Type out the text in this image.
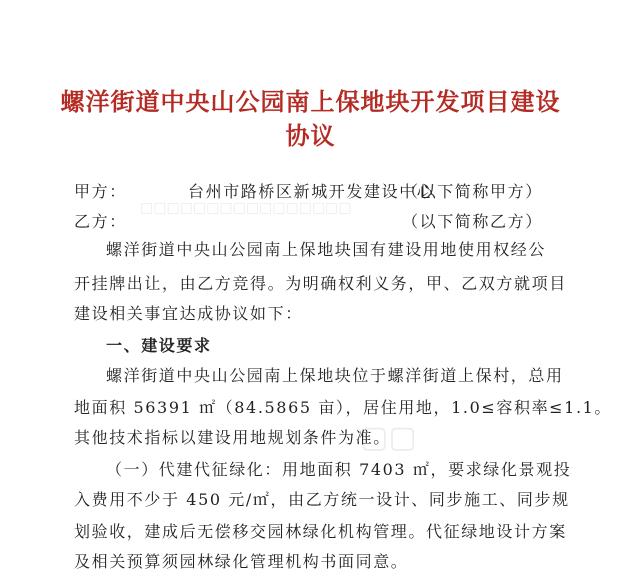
□□□□□□□□□□□□□□□□
▢▢
螺洋街道中央山公园南上保地块开发项目建设
协议
甲方：	台州市路桥区新城开发建设中心
（以下简称甲方）
乙方：	（以下简称乙方）
螺洋街道中央山公园南上保地块国有建设用地使用权经公
开挂牌出让，由乙方竞得。为明确权利义务，甲、乙双方就项目
建设相关事宜达成协议如下：
一、建设要求
螺洋街道中央山公园南上保地块位于螺洋街道上保村，总用
地面积 56391 ㎡（84.5865 亩），居住用地，1.0≤容积率≤1.1。
其他技术指标以建设用地规划条件为准。
（一）代建代征绿化：用地面积 7403 ㎡，要求绿化景观投
入费用不少于 450 元/㎡，由乙方统一设计、同步施工、同步规
划验收，建成后无偿移交园林绿化机构管理。代征绿地设计方案
及相关预算须园林绿化管理机构书面同意。
